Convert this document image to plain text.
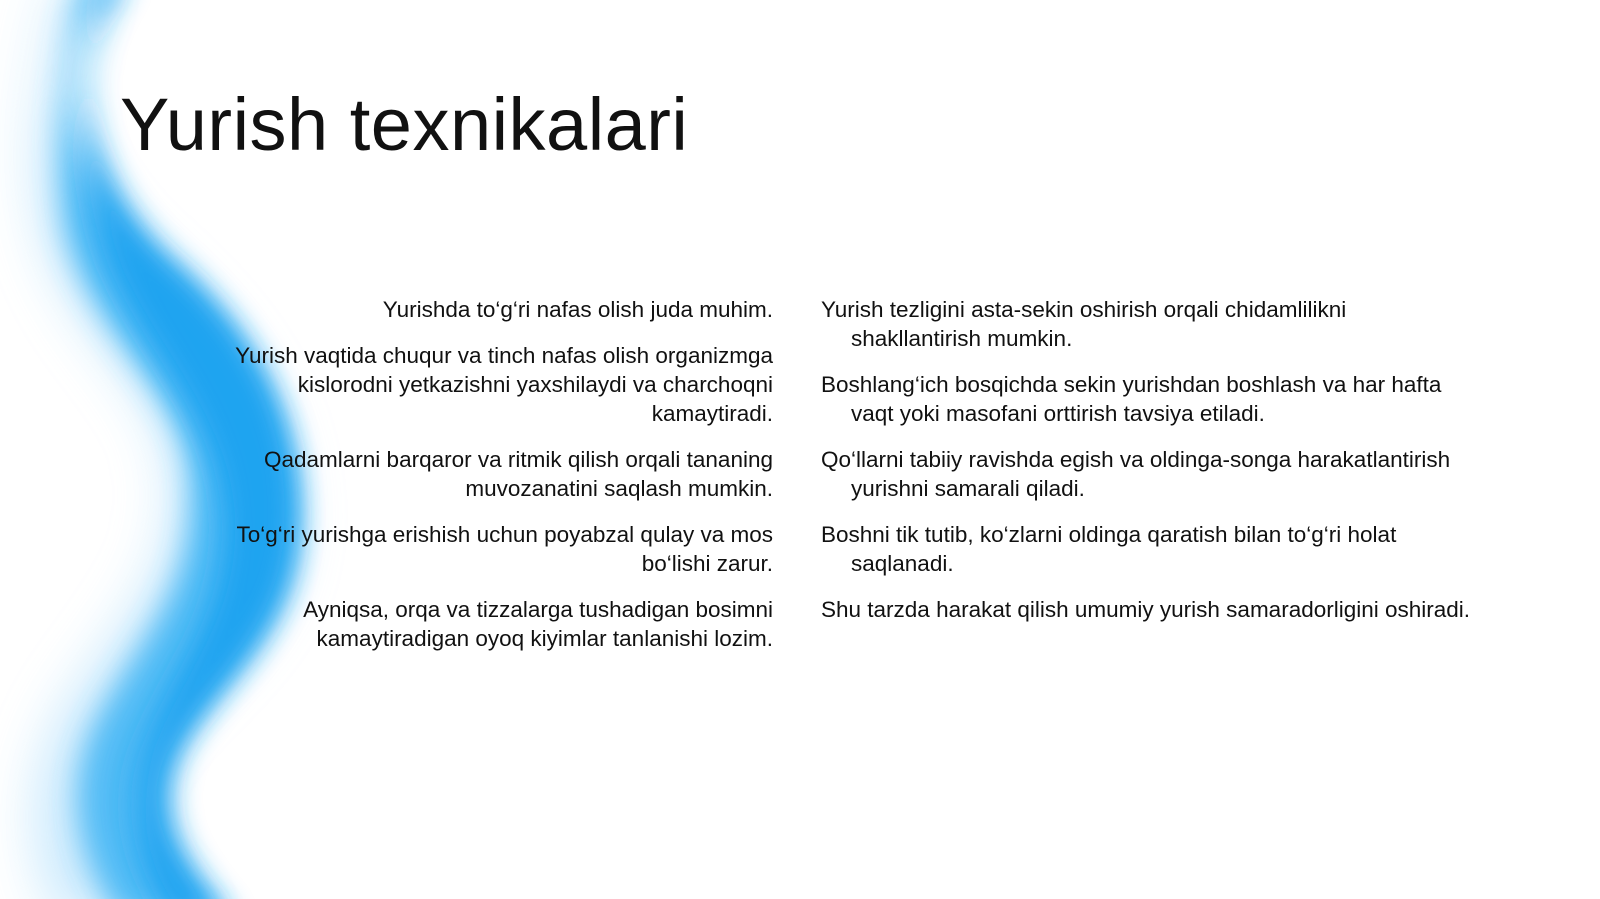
Yurish texnikalari

Yurishda to‘g‘ri nafas olish juda muhim.

Yurish vaqtida chuqur va tinch nafas olish organizmga kislorodni yetkazishni yaxshilaydi va charchoqni kamaytiradi.

Qadamlarni barqaror va ritmik qilish orqali tananing muvozanatini saqlash mumkin.

To‘g‘ri yurishga erishish uchun poyabzal qulay va mos bo‘lishi zarur.

Ayniqsa, orqa va tizzalarga tushadigan bosimni kamaytiradigan oyoq kiyimlar tanlanishi lozim.

Yurish tezligini asta-sekin oshirish orqali chidamlilikni shakllantirish mumkin.

Boshlang‘ich bosqichda sekin yurishdan boshlash va har hafta vaqt yoki masofani orttirish tavsiya etiladi.

Qo‘llarni tabiiy ravishda egish va oldinga-songa harakatlantirish yurishni samarali qiladi.

Boshni tik tutib, ko‘zlarni oldinga qaratish bilan to‘g‘ri holat saqlanadi.

Shu tarzda harakat qilish umumiy yurish samaradorligini oshiradi.
